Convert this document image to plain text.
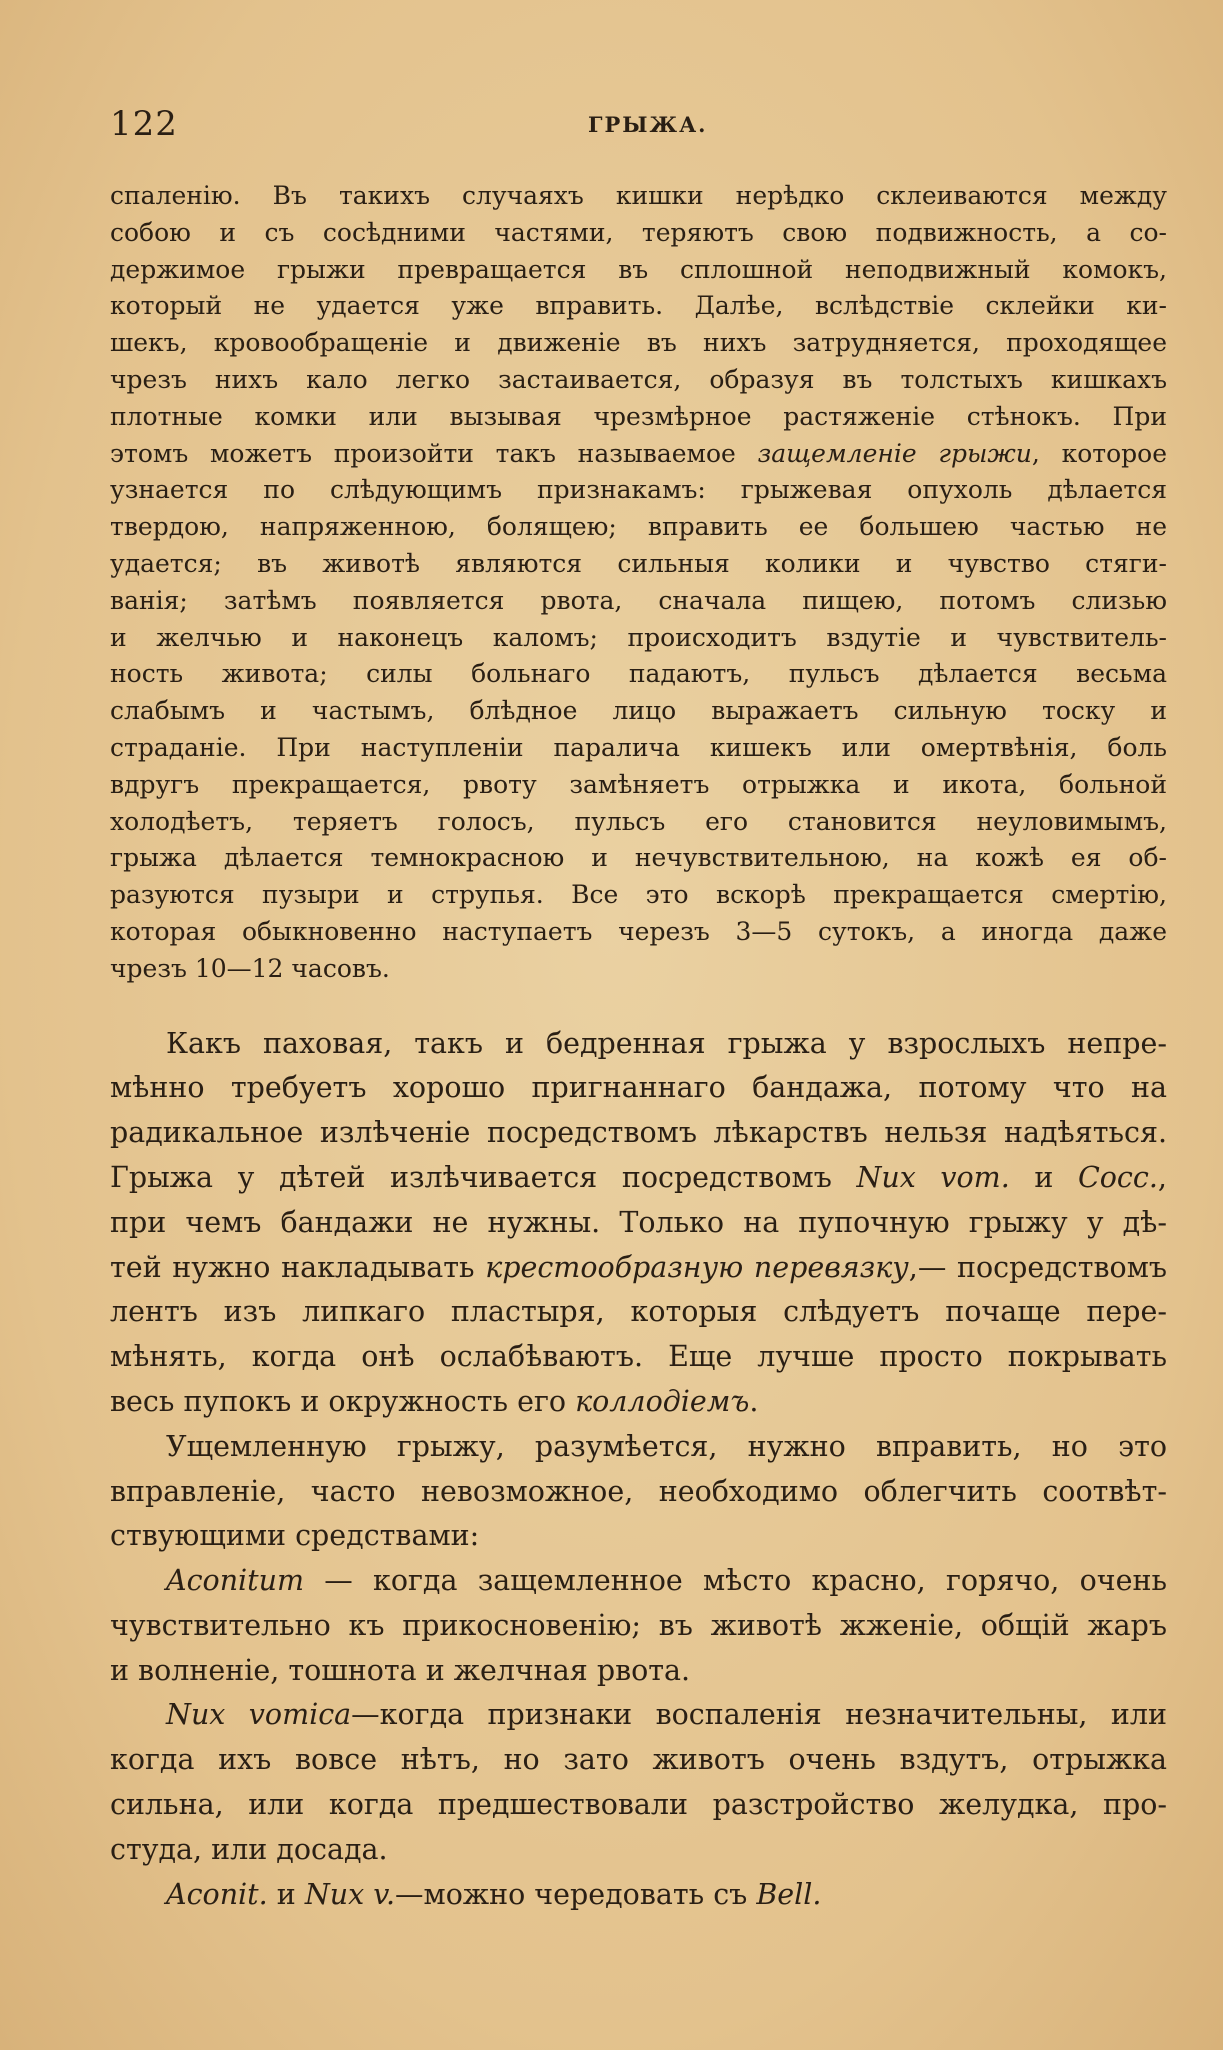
122	ГРЫЖА.

спаленію. Въ такихъ случаяхъ кишки нерѣдко склеиваются между

собою и съ сосѣдними частями, теряютъ свою подвижность, а со-

держимое грыжи превращается въ сплошной неподвижный комокъ,

который не удается уже вправить. Далѣе, вслѣдствіе склейки ки-

шекъ, кровообращеніе и движеніе въ нихъ затрудняется, проходящее

чрезъ нихъ кало легко застаивается, образуя въ толстыхъ кишкахъ

плотные комки или вызывая чрезмѣрное растяженіе стѣнокъ. При

этомъ можетъ произойти такъ называемое защемленіе грыжи, которое

узнается по слѣдующимъ признакамъ: грыжевая опухоль дѣлается

твердою, напряженною, болящею; вправить ее большею частью не

удается; въ животѣ являются сильныя колики и чувство стяги-

ванія; затѣмъ появляется рвота, сначала пищею, потомъ слизью

и желчью и наконецъ каломъ; происходитъ вздутіе и чувствитель-

ность живота; силы больнаго падаютъ, пульсъ дѣлается весьма

слабымъ и частымъ, блѣдное лицо выражаетъ сильную тоску и

страданіе. При наступленіи паралича кишекъ или омертвѣнія, боль

вдругъ прекращается, рвоту замѣняетъ отрыжка и икота, больной

холодѣетъ, теряетъ голосъ, пульсъ его становится неуловимымъ,

грыжа дѣлается темнокрасною и нечувствительною, на кожѣ ея об-

разуются пузыри и струпья. Все это вскорѣ прекращается смертію,

которая обыкновенно наступаетъ черезъ 3—5 сутокъ, а иногда даже

чрезъ 10—12 часовъ.

Какъ паховая, такъ и бедренная грыжа у взрослыхъ непре-

мѣнно требуетъ хорошо пригнаннаго бандажа, потому что на

радикальное излѣченіе посредствомъ лѣкарствъ нельзя надѣяться.

Грыжа у дѣтей излѣчивается посредствомъ Nux vom. и Cocc.,

при чемъ бандажи не нужны. Только на пупочную грыжу у дѣ-

тей нужно накладывать крестообразную перевязку,— посредствомъ

лентъ изъ липкаго пластыря, которыя слѣдуетъ почаще пере-

мѣнять, когда онѣ ослабѣваютъ. Еще лучше просто покрывать

весь пупокъ и окружность его коллодіемъ.

Ущемленную грыжу, разумѣется, нужно вправить, но это

вправленіе, часто невозможное, необходимо облегчить соотвѣт-

ствующими средствами:

Aconitum — когда защемленное мѣсто красно, горячо, очень

чувствительно къ прикосновенію; въ животѣ жженіе, общій жаръ

и волненіе, тошнота и желчная рвота.

Nux vomica—когда признаки воспаленія незначительны, или

когда ихъ вовсе нѣтъ, но зато животъ очень вздутъ, отрыжка

сильна, или когда предшествовали разстройство желудка, про-

студа, или досада.

Aconit. и Nux v.—можно чередовать съ Bell.
